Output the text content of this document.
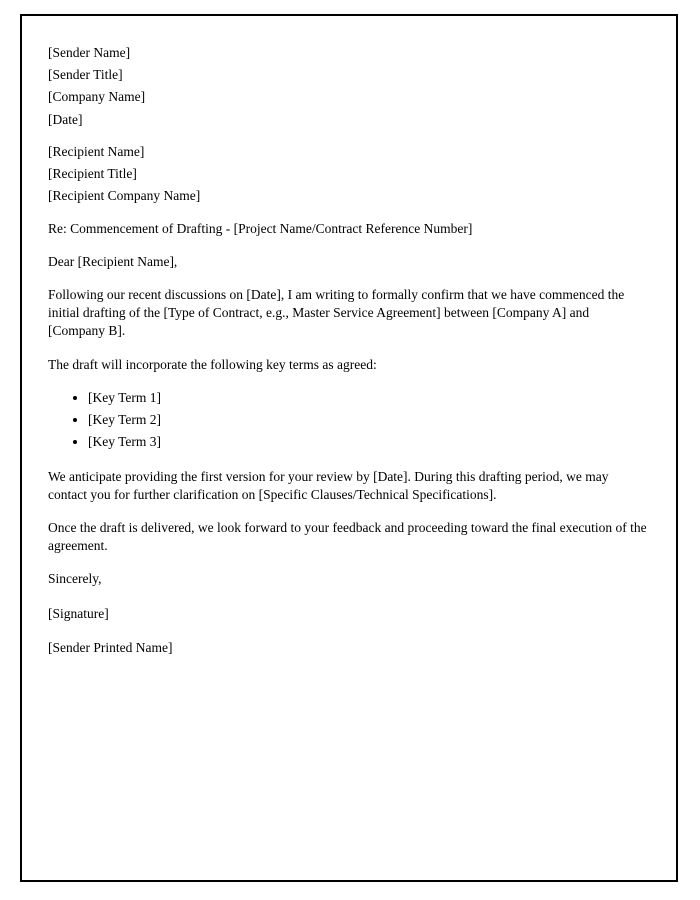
[Sender Name]
[Sender Title]
[Company Name]
[Date]
[Recipient Name]
[Recipient Title]
[Recipient Company Name]

Re: Commencement of Drafting - [Project Name/Contract Reference Number]

Dear [Recipient Name],

Following our recent discussions on [Date], I am writing to formally confirm that we have commenced the initial drafting of the [Type of Contract, e.g., Master Service Agreement] between [Company A] and [Company B].

The draft will incorporate the following key terms as agreed:

• [Key Term 1]
• [Key Term 2]
• [Key Term 3]

We anticipate providing the first version for your review by [Date]. During this drafting period, we may contact you for further clarification on [Specific Clauses/Technical Specifications].

Once the draft is delivered, we look forward to your feedback and proceeding toward the final execution of the agreement.

Sincerely,

[Signature]

[Sender Printed Name]
